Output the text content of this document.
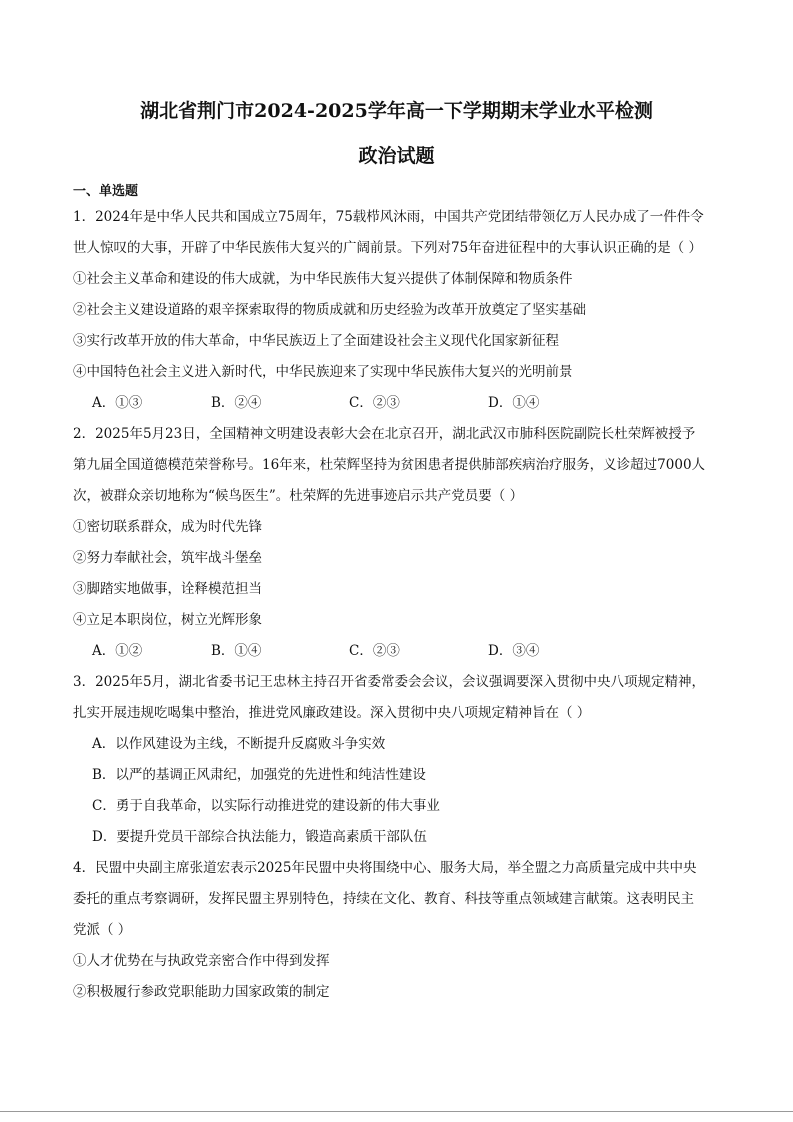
湖北省荆门市2024-2025学年高一下学期期末学业水平检测
政治试题
一、单选题
1．2024年是中华人民共和国成立75周年，75载栉风沐雨，中国共产党团结带领亿万人民办成了一件件令
世人惊叹的大事，开辟了中华民族伟大复兴的广阔前景。下列对75年奋进征程中的大事认识正确的是（ ）
①社会主义革命和建设的伟大成就，为中华民族伟大复兴提供了体制保障和物质条件
②社会主义建设道路的艰辛探索取得的物质成就和历史经验为改革开放奠定了坚实基础
③实行改革开放的伟大革命，中华民族迈上了全面建设社会主义现代化国家新征程
④中国特色社会主义进入新时代，中华民族迎来了实现中华民族伟大复兴的光明前景
A．①③	B．②④	C．②③	D．①④
2．2025年5月23日，全国精神文明建设表彰大会在北京召开，湖北武汉市肺科医院副院长杜荣辉被授予
第九届全国道德模范荣誉称号。16年来，杜荣辉坚持为贫困患者提供肺部疾病治疗服务，义诊超过7000人
次，被群众亲切地称为“候鸟医生”。杜荣辉的先进事迹启示共产党员要（ ）
①密切联系群众，成为时代先锋
②努力奉献社会，筑牢战斗堡垒
③脚踏实地做事，诠释模范担当
④立足本职岗位，树立光辉形象
A．①②	B．①④	C．②③	D．③④
3．2025年5月，湖北省委书记王忠林主持召开省委常委会会议，会议强调要深入贯彻中央八项规定精神，
扎实开展违规吃喝集中整治，推进党风廉政建设。深入贯彻中央八项规定精神旨在（ ）
A．以作风建设为主线，不断提升反腐败斗争实效
B．以严的基调正风肃纪，加强党的先进性和纯洁性建设
C．勇于自我革命，以实际行动推进党的建设新的伟大事业
D．要提升党员干部综合执法能力，锻造高素质干部队伍
4．民盟中央副主席张道宏表示2025年民盟中央将围绕中心、服务大局，举全盟之力高质量完成中共中央
委托的重点考察调研，发挥民盟主界别特色，持续在文化、教育、科技等重点领域建言献策。这表明民主
党派（ ）
①人才优势在与执政党亲密合作中得到发挥
②积极履行参政党职能助力国家政策的制定
